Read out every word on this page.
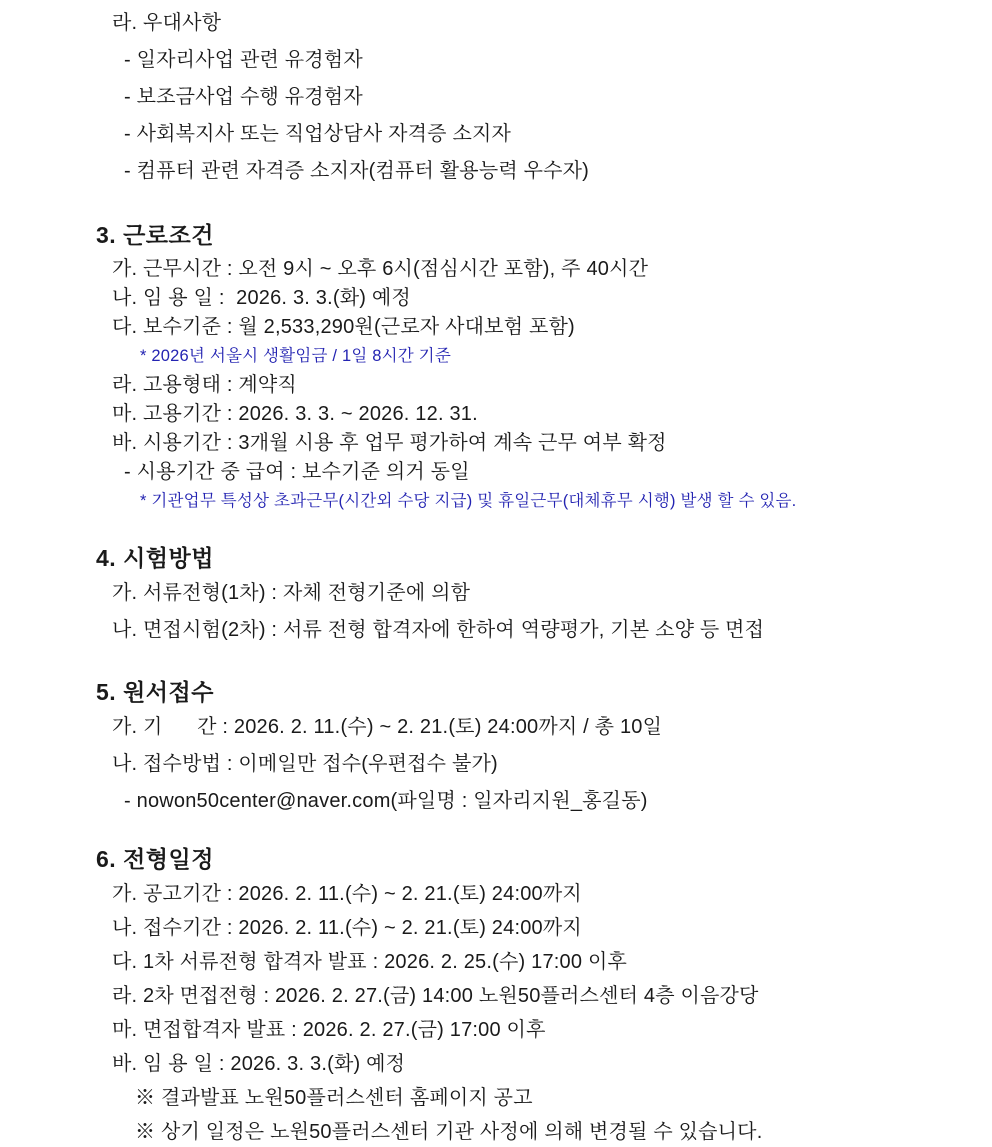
라. 우대사항
- 일자리사업 관련 유경험자
- 보조금사업 수행 유경험자
- 사회복지사 또는 직업상담사 자격증 소지자
- 컴퓨터 관련 자격증 소지자(컴퓨터 활용능력 우수자)
3. 근로조건
가. 근무시간 : 오전 9시 ~ 오후 6시(점심시간 포함), 주 40시간
나. 임 용 일 :  2026. 3. 3.(화) 예정
다. 보수기준 : 월 2,533,290원(근로자 사대보험 포함)
* 2026년 서울시 생활임금 / 1일 8시간 기준
라. 고용형태 : 계약직
마. 고용기간 : 2026. 3. 3. ~ 2026. 12. 31.
바. 시용기간 : 3개월 시용 후 업무 평가하여 계속 근무 여부 확정
- 시용기간 중 급여 : 보수기준 의거 동일
* 기관업무 특성상 초과근무(시간외 수당 지급) 및 휴일근무(대체휴무 시행) 발생 할 수 있음.
4. 시험방법
가. 서류전형(1차) : 자체 전형기준에 의함
나. 면접시험(2차) : 서류 전형 합격자에 한하여 역량평가, 기본 소양 등 면접
5. 원서접수
가. 기      간 : 2026. 2. 11.(수) ~ 2. 21.(토) 24:00까지 / 총 10일
나. 접수방법 : 이메일만 접수(우편접수 불가)
- nowon50center@naver.com(파일명 : 일자리지원_홍길동)
6. 전형일정
가. 공고기간 : 2026. 2. 11.(수) ~ 2. 21.(토) 24:00까지
나. 접수기간 : 2026. 2. 11.(수) ~ 2. 21.(토) 24:00까지
다. 1차 서류전형 합격자 발표 : 2026. 2. 25.(수) 17:00 이후
라. 2차 면접전형 : 2026. 2. 27.(금) 14:00 노원50플러스센터 4층 이음강당
마. 면접합격자 발표 : 2026. 2. 27.(금) 17:00 이후
바. 임 용 일 : 2026. 3. 3.(화) 예정
※ 결과발표 노원50플러스센터 홈페이지 공고
※ 상기 일정은 노원50플러스센터 기관 사정에 의해 변경될 수 있습니다.
